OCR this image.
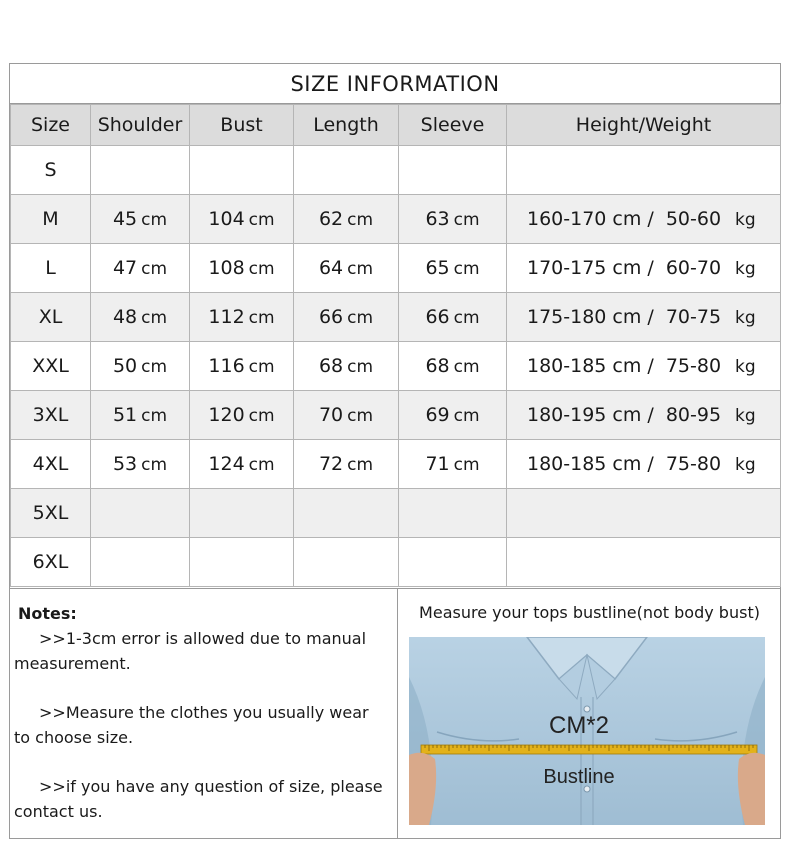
SIZE INFORMATION
Size	Shoulder	Bust	Length	Sleeve	Height/Weight
S					
M	45 cm	104 cm	62 cm	63 cm	160-170 cm / 50-60 kg
L	47 cm	108 cm	64 cm	65 cm	170-175 cm / 60-70 kg
XL	48 cm	112 cm	66 cm	66 cm	175-180 cm / 70-75 kg
XXL	50 cm	116 cm	68 cm	68 cm	180-185 cm / 75-80 kg
3XL	51 cm	120 cm	70 cm	69 cm	180-195 cm / 80-95 kg
4XL	53 cm	124 cm	72 cm	71 cm	180-185 cm / 75-80 kg
5XL					
6XL					
Notes:
>>1-3cm error is allowed due to manual
measurement.
>>Measure the clothes you usually wear
to choose size.
>>if you have any question of size, please
contact us.
Measure your tops bustline(not body bust)
CM*2
Bustline
